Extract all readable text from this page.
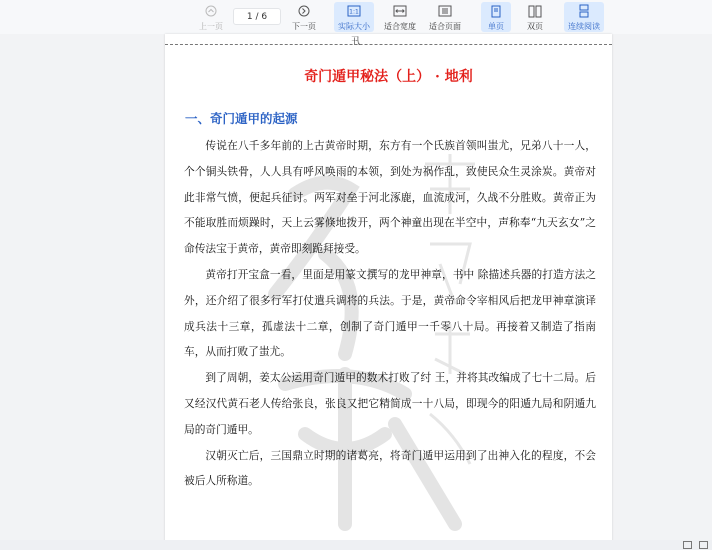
上一页
1 / 6
下一页
1:1
实际大小 适合宽度 适合页面	单页	双页	连续阅读
卂
奇门遁甲秘法（上） · 地利
一、奇门遁甲的起源

传说在八千多年前的上古黄帝时期，东方有一个氏族首领叫蚩尤，兄弟八十一人，个个铜头铁骨，人人具有呼风唤雨的本领，到处为祸作乱，致使民众生灵涂炭。黄帝对此非常气愤，便起兵征讨。两军对垒于河北涿鹿，血流成河，久战不分胜败。黄帝正为不能取胜而烦躁时，天上云雾倏地拨开，两个神童出现在半空中，声称奉“九天玄女”之命传法宝于黄帝，黄帝即刻跪拜接受。

黄帝打开宝盒一看，里面是用篆文撰写的龙甲神章，书中 除描述兵器的打造方法之外，还介绍了很多行军打仗遣兵调将的兵法。于是，黄帝命令宰相风后把龙甲神章演译成兵法十三章，孤虚法十二章，创制了奇门遁甲一千零八十局。再接着又制造了指南车，从而打败了蚩尤。

到了周朝，姜太公运用奇门遁甲的数术打败了纣 王，并将其改编成了七十二局。后又经汉代黄石老人传给张良，张良又把它精简成一十八局，即现今的阳遁九局和阴遁九局的奇门遁甲。

汉朝灭亡后，三国鼎立时期的诸葛亮，将奇门遁甲运用到了出神入化的程度，不会被后人所称道。
